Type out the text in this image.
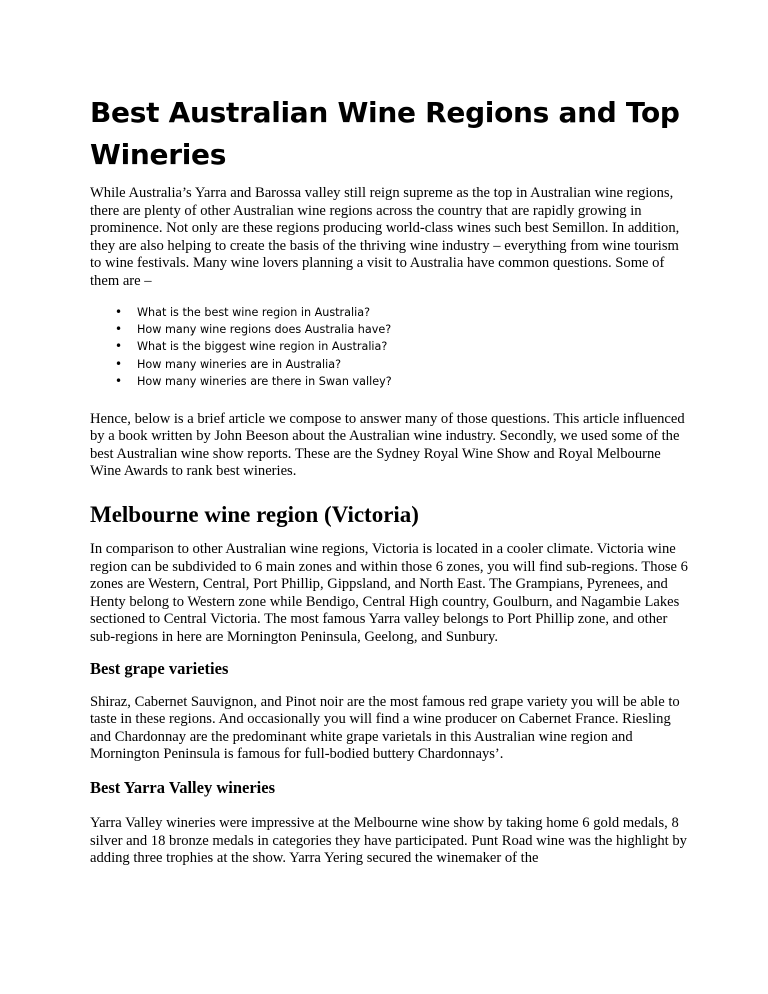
Best Australian Wine Regions and Top Wineries

While Australia’s Yarra and Barossa valley still reign supreme as the top in Australian wine regions, there are plenty of other Australian wine regions across the country that are rapidly growing in prominence. Not only are these regions producing world-class wines such best Semillon. In addition, they are also helping to create the basis of the thriving wine industry – everything from wine tourism to wine festivals. Many wine lovers planning a visit to Australia have common questions. Some of them are –

• What is the best wine region in Australia?
• How many wine regions does Australia have?
• What is the biggest wine region in Australia?
• How many wineries are in Australia?
• How many wineries are there in Swan valley?

Hence, below is a brief article we compose to answer many of those questions. This article influenced by a book written by John Beeson about the Australian wine industry. Secondly, we used some of the best Australian wine show reports. These are the Sydney Royal Wine Show and Royal Melbourne Wine Awards to rank best wineries.

Melbourne wine region (Victoria)

In comparison to other Australian wine regions, Victoria is located in a cooler climate. Victoria wine region can be subdivided to 6 main zones and within those 6 zones, you will find sub-regions. Those 6 zones are Western, Central, Port Phillip, Gippsland, and North East. The Grampians, Pyrenees, and Henty belong to Western zone while Bendigo, Central High country, Goulburn, and Nagambie Lakes sectioned to Central Victoria. The most famous Yarra valley belongs to Port Phillip zone, and other sub-regions in here are Mornington Peninsula, Geelong, and Sunbury.

Best grape varieties

Shiraz, Cabernet Sauvignon, and Pinot noir are the most famous red grape variety you will be able to taste in these regions. And occasionally you will find a wine producer on Cabernet France. Riesling and Chardonnay are the predominant white grape varietals in this Australian wine region and Mornington Peninsula is famous for full-bodied buttery Chardonnays’.

Best Yarra Valley wineries

Yarra Valley wineries were impressive at the Melbourne wine show by taking home 6 gold medals, 8 silver and 18 bronze medals in categories they have participated. Punt Road wine was the highlight by adding three trophies at the show. Yarra Yering secured the winemaker of the
